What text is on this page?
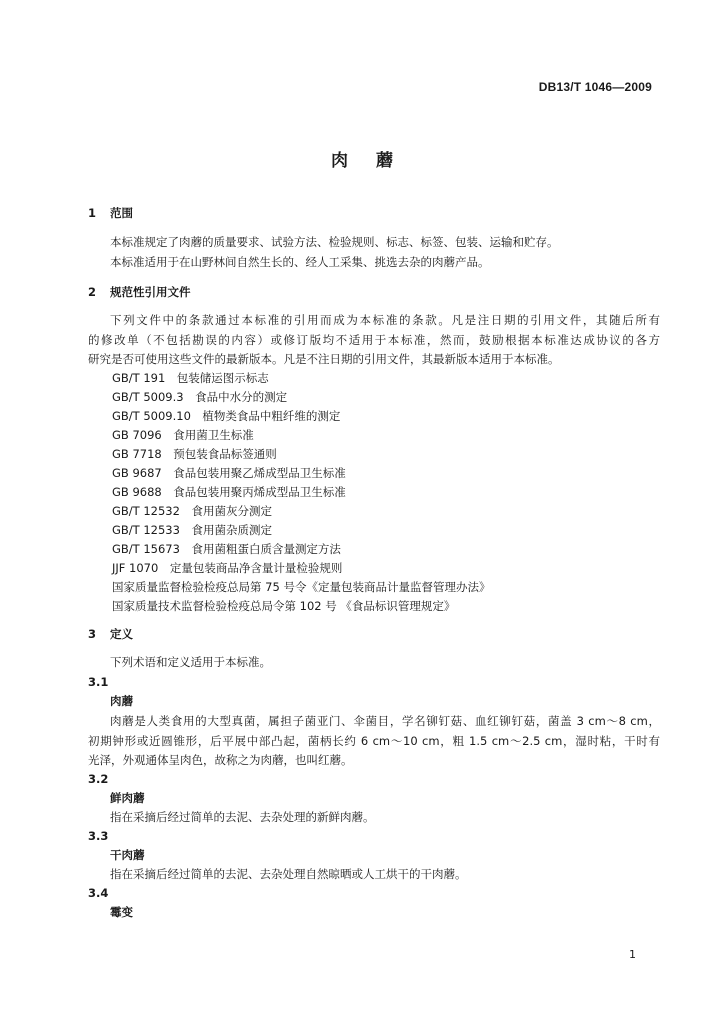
DB13/T 1046—2009
肉蘑
1 范围
本标准规定了肉蘑的质量要求、试验方法、检验规则、标志、标签、包装、运输和贮存。
本标准适用于在山野林间自然生长的、经人工采集、挑选去杂的肉蘑产品。
2 规范性引用文件
下列文件中的条款通过本标准的引用而成为本标准的条款。凡是注日期的引用文件，其随后所有
的修改单（不包括勘误的内容）或修订版均不适用于本标准，然而，鼓励根据本标准达成协议的各方
研究是否可使用这些文件的最新版本。凡是不注日期的引用文件，其最新版本适用于本标准。
GB/T 191　包装储运图示标志
GB/T 5009.3　食品中水分的测定
GB/T 5009.10　植物类食品中粗纤维的测定
GB 7096　食用菌卫生标准
GB 7718　预包装食品标签通则
GB 9687　食品包装用聚乙烯成型品卫生标准
GB 9688　食品包装用聚丙烯成型品卫生标准
GB/T 12532　食用菌灰分测定
GB/T 12533　食用菌杂质测定
GB/T 15673　食用菌粗蛋白质含量测定方法
JJF 1070　定量包装商品净含量计量检验规则
国家质量监督检验检疫总局第 75 号令《定量包装商品计量监督管理办法》
国家质量技术监督检验检疫总局令第 102 号 《食品标识管理规定》
3 定义
下列术语和定义适用于本标准。
3.1
肉蘑
肉蘑是人类食用的大型真菌，属担子菌亚门、伞菌目，学名铆钉菇、血红铆钉菇，菌盖 3 cm～8 cm，
初期钟形或近圆锥形，后平展中部凸起，菌柄长约 6 cm～10 cm，粗 1.5 cm～2.5 cm，湿时粘，干时有
光泽，外观通体呈肉色，故称之为肉蘑，也叫红蘑。
3.2
鲜肉蘑
指在采摘后经过简单的去泥、去杂处理的新鲜肉蘑。
3.3
干肉蘑
指在采摘后经过简单的去泥、去杂处理自然晾晒或人工烘干的干肉蘑。
3.4
霉变
1
